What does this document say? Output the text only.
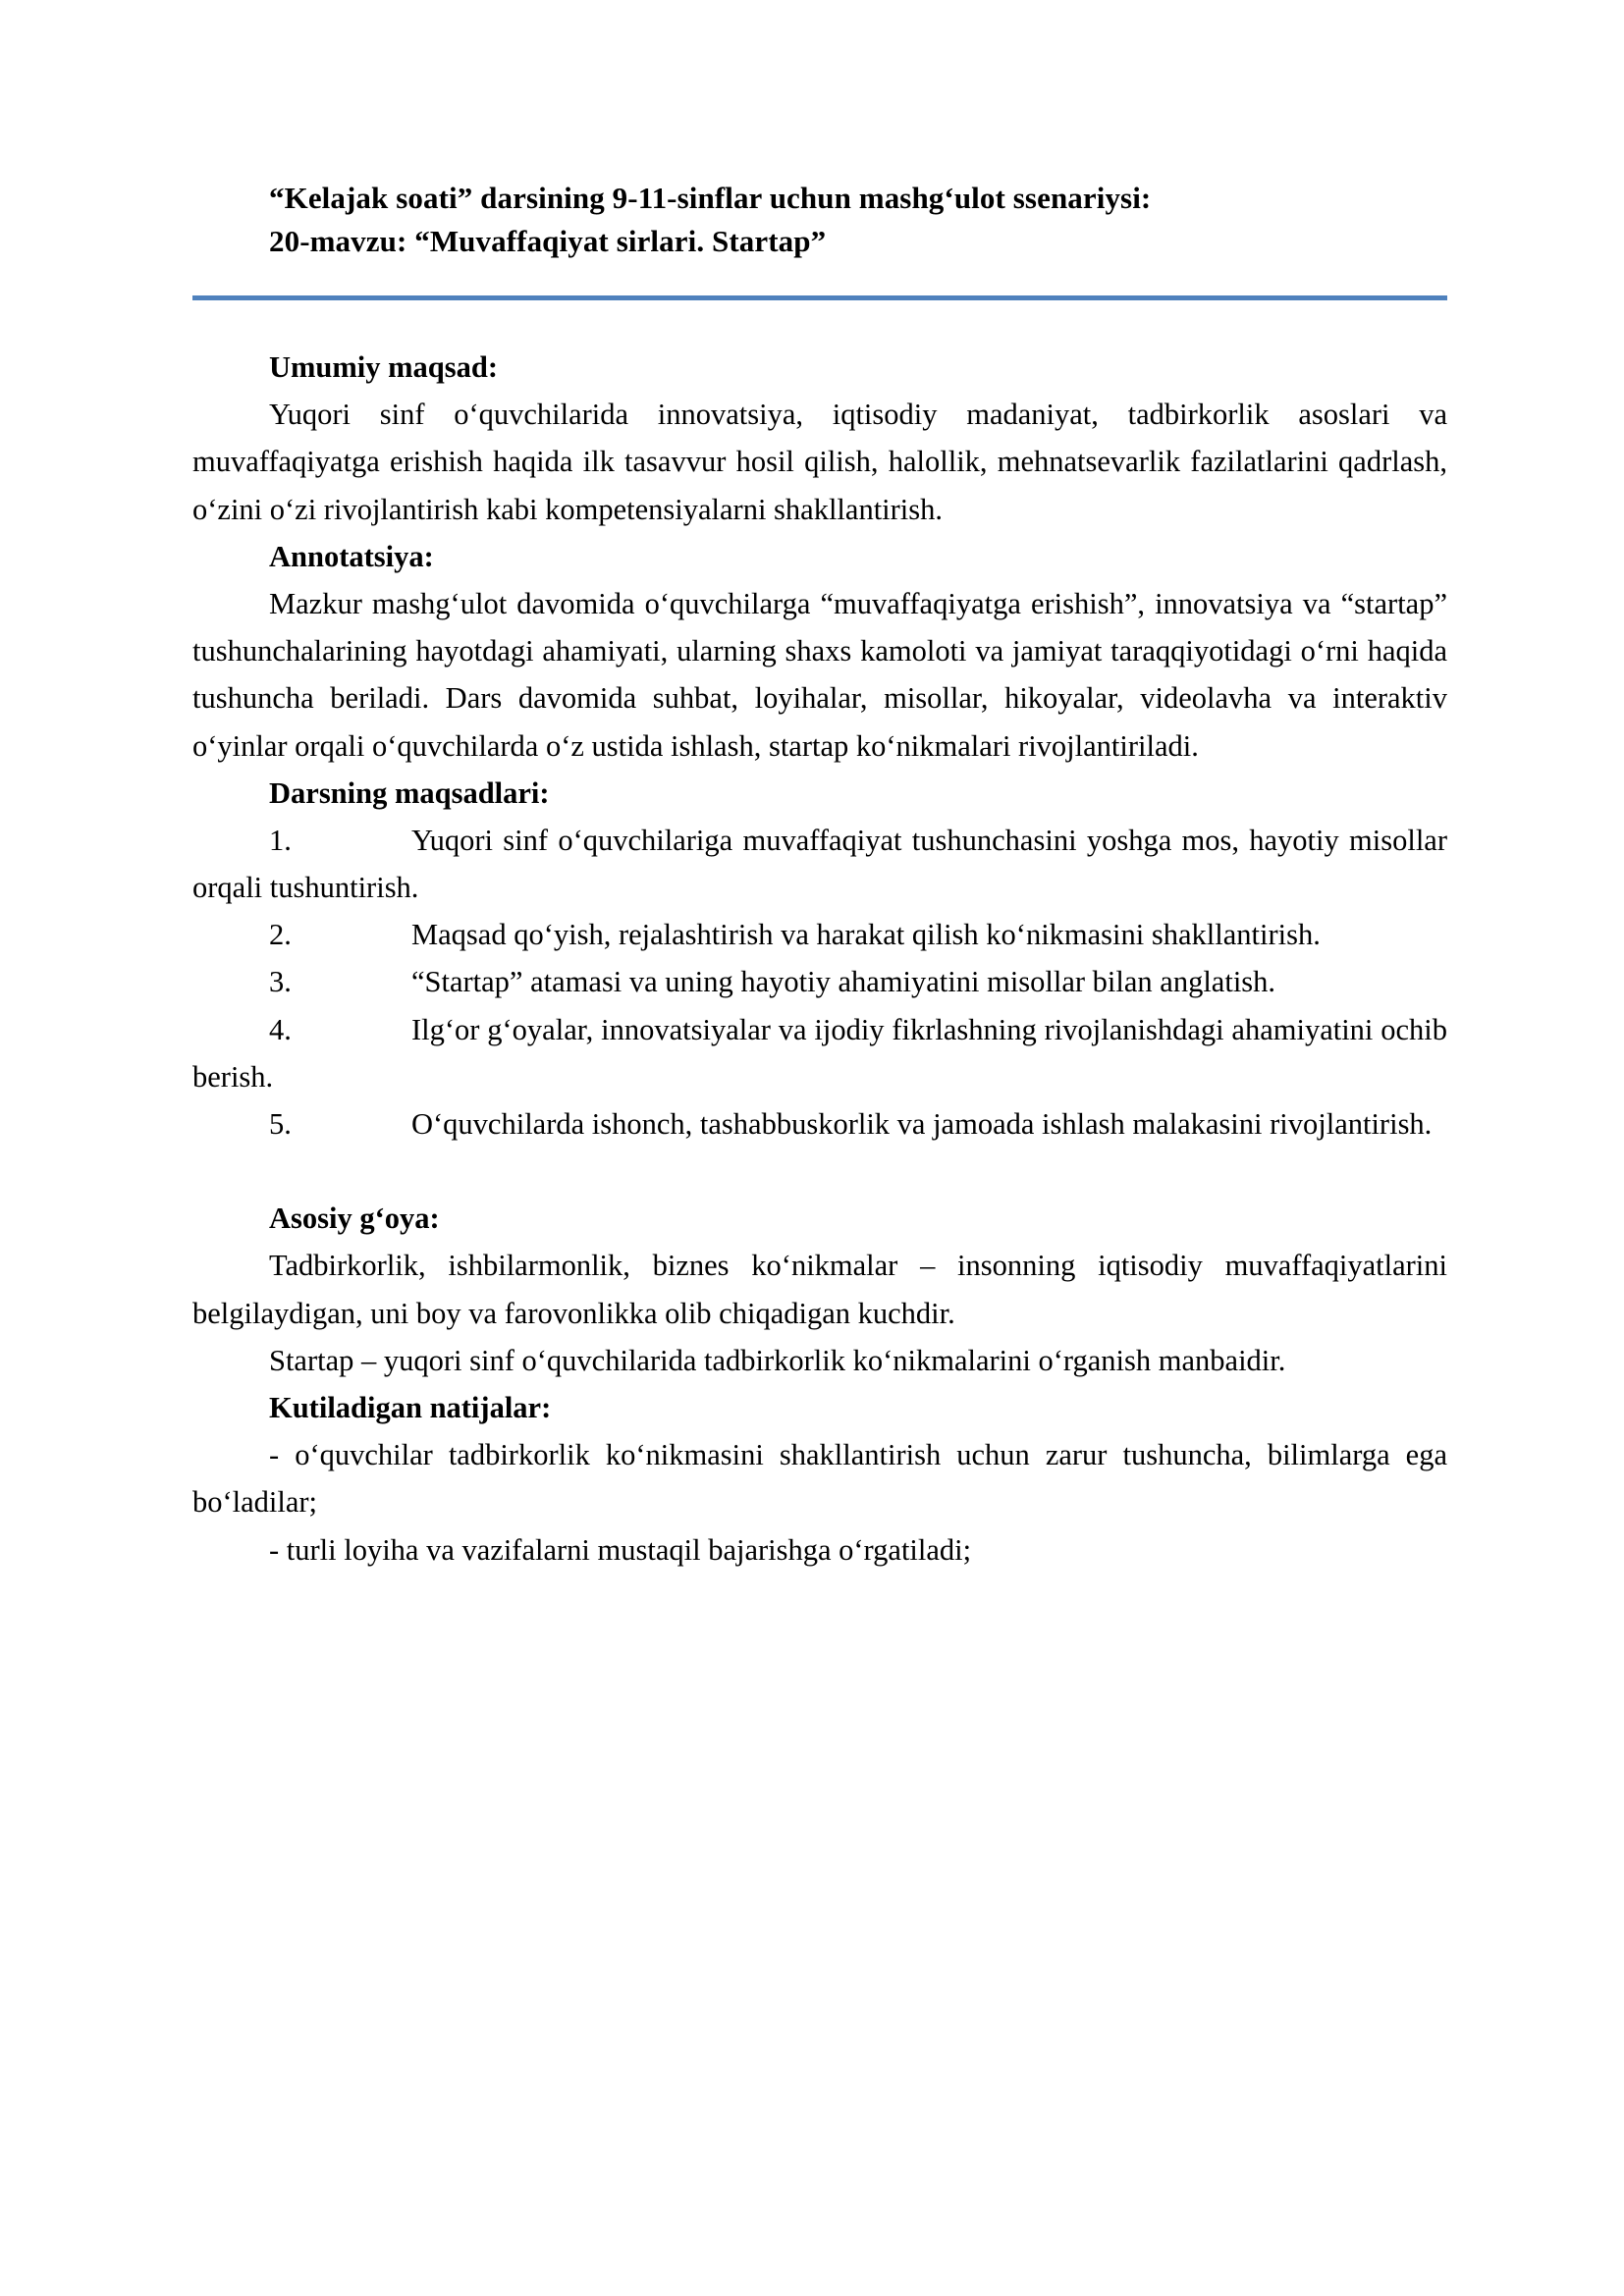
“Kelajak soati” darsining 9-11-sinflar uchun mashgʻulot ssenariysi:
20-mavzu: “Muvaffaqiyat sirlari. Startap”
Umumiy maqsad:

Yuqori sinf oʻquvchilarida innovatsiya, iqtisodiy madaniyat, tadbirkorlik asoslari va muvaffaqiyatga erishish haqida ilk tasavvur hosil qilish, halollik, mehnatsevarlik fazilatlarini qadrlash, oʻzini oʻzi rivojlantirish kabi kompetensiyalarni shakllantirish.

Annotatsiya:

Mazkur mashgʻulot davomida oʻquvchilarga “muvaffaqiyatga erishish”, innovatsiya va “startap” tushunchalarining hayotdagi ahamiyati, ularning shaxs kamoloti va jamiyat taraqqiyotidagi oʻrni haqida tushuncha beriladi. Dars davomida suhbat, loyihalar, misollar, hikoyalar, videolavha va interaktiv oʻyinlar orqali oʻquvchilarda oʻz ustida ishlash, startap koʻnikmalari rivojlantiriladi.

Darsning maqsadlari:

1.	Yuqori sinf oʻquvchilariga muvaffaqiyat tushunchasini yoshga mos, hayotiy misollar orqali tushuntirish.

2.	Maqsad qoʻyish, rejalashtirish va harakat qilish koʻnikmasini shakllantirish.

3.	“Startap” atamasi va uning hayotiy ahamiyatini misollar bilan anglatish.

4.	Ilgʻor gʻoyalar, innovatsiyalar va ijodiy fikrlashning rivojlanishdagi ahamiyatini ochib berish.

5.	Oʻquvchilarda ishonch, tashabbuskorlik va jamoada ishlash malakasini rivojlantirish.

Asosiy gʻoya:

Tadbirkorlik, ishbilarmonlik, biznes koʻnikmalar – insonning iqtisodiy muvaffaqiyatlarini belgilaydigan, uni boy va farovonlikka olib chiqadigan kuchdir.

Startap – yuqori sinf oʻquvchilarida tadbirkorlik koʻnikmalarini oʻrganish manbaidir.

Kutiladigan natijalar:

- oʻquvchilar tadbirkorlik koʻnikmasini shakllantirish uchun zarur tushuncha, bilimlarga ega boʻladilar;

- turli loyiha va vazifalarni mustaqil bajarishga oʻrgatiladi;
